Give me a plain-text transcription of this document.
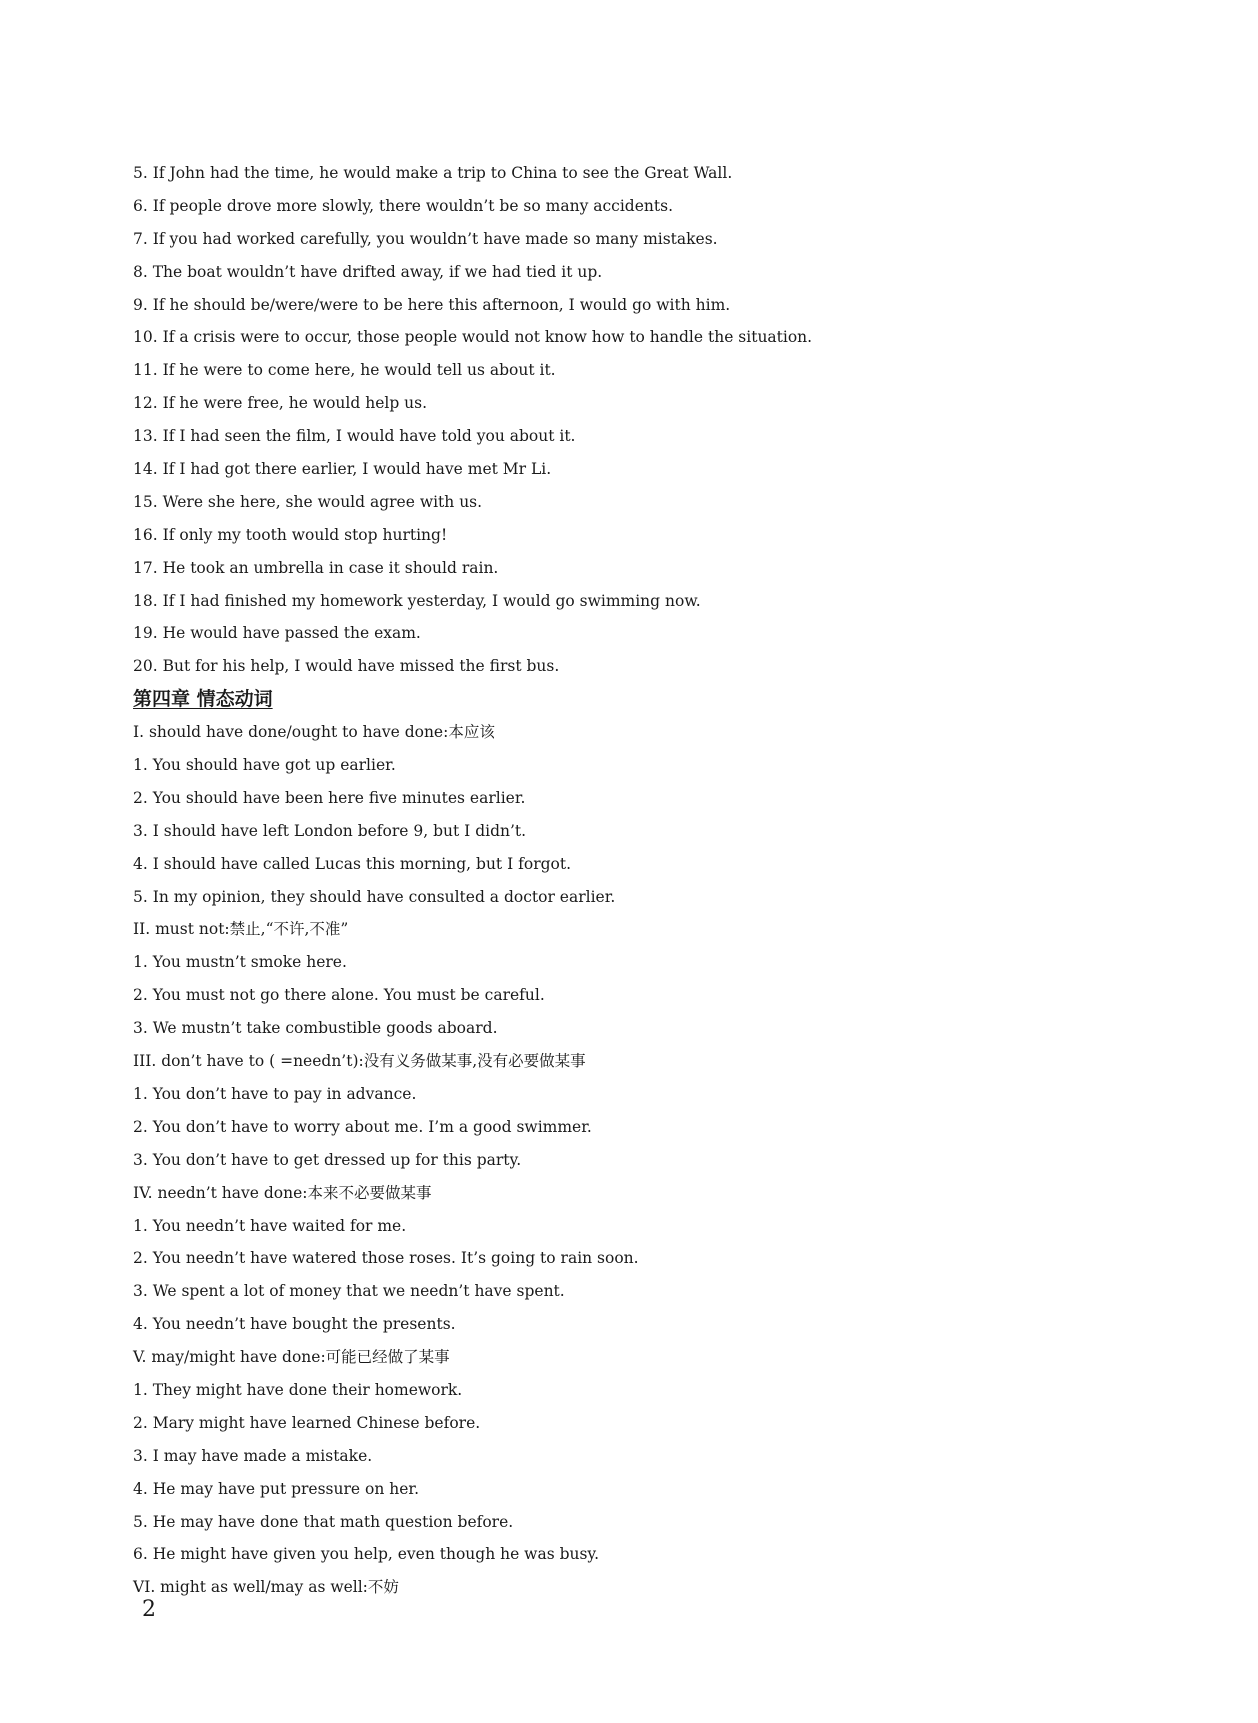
5. If John had the time, he would make a trip to China to see the Great Wall.
6. If people drove more slowly, there wouldn’t be so many accidents.
7. If you had worked carefully, you wouldn’t have made so many mistakes.
8. The boat wouldn’t have drifted away, if we had tied it up.
9. If he should be/were/were to be here this afternoon, I would go with him.
10. If a crisis were to occur, those people would not know how to handle the situation.
11. If he were to come here, he would tell us about it.
12. If he were free, he would help us.
13. If I had seen the film, I would have told you about it.
14. If I had got there earlier, I would have met Mr Li.
15. Were she here, she would agree with us.
16. If only my tooth would stop hurting!
17. He took an umbrella in case it should rain.
18. If I had finished my homework yesterday, I would go swimming now.
19. He would have passed the exam.
20. But for his help, I would have missed the first bus.
第四章 情态动词
I. should have done/ought to have done:本应该
1. You should have got up earlier.
2. You should have been here five minutes earlier.
3. I should have left London before 9, but I didn’t.
4. I should have called Lucas this morning, but I forgot.
5. In my opinion, they should have consulted a doctor earlier.
II. must not:禁止,“不许,不准”
1. You mustn’t smoke here.
2. You must not go there alone. You must be careful.
3. We mustn’t take combustible goods aboard.
III. don’t have to ( =needn’t):没有义务做某事,没有必要做某事
1. You don’t have to pay in advance.
2. You don’t have to worry about me. I’m a good swimmer.
3. You don’t have to get dressed up for this party.
IV. needn’t have done:本来不必要做某事
1. You needn’t have waited for me.
2. You needn’t have watered those roses. It’s going to rain soon.
3. We spent a lot of money that we needn’t have spent.
4. You needn’t have bought the presents.
V. may/might have done:可能已经做了某事
1. They might have done their homework.
2. Mary might have learned Chinese before.
3. I may have made a mistake.
4. He may have put pressure on her.
5. He may have done that math question before.
6. He might have given you help, even though he was busy.
VI. might as well/may as well:不妨
2
